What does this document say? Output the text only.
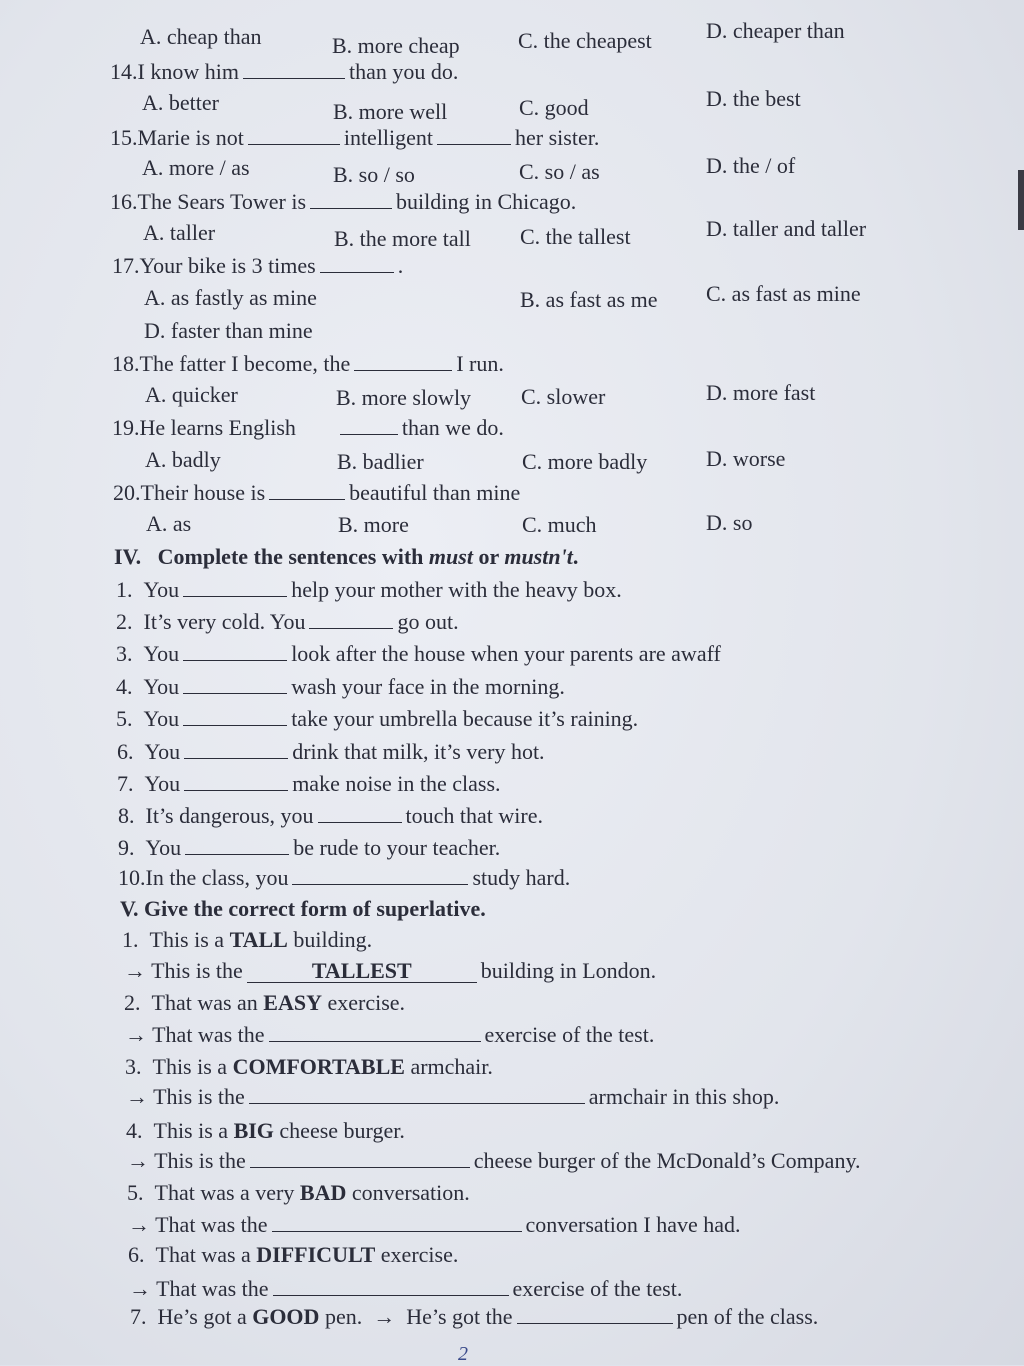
A. cheap than	B. more cheap	C. the cheapest D. cheaper than
14.I know him	than you do.
A. better	B. more well	C. good	D. the best
15.Marie is not	intelligent	her sister.
A. more / as	B. so / so	C. so / as	D. the / of
16.The Sears Tower is	building in Chicago.
A. taller	B. the more tall C. the tallest	D. taller and taller
17.Your bike is 3 times	.
A. as fastly as mine	B. as fast as me C. as fast as mine
D. faster than mine
18.The fatter I become, the	I run.
A. quicker	B. more slowly C. slower	D. more fast
19.He learns English	than we do.
A. badly	B. badlier	C. more badly	D. worse
20.Their house is	beautiful than mine
A. as	B. more	C. much	D. so
IV. Complete the sentences with must or mustn't.
1. You	help your mother with the heavy box.
2. It’s very cold. You	go out.
3. You	look after the house when your parents are awaff
4. You	wash your face in the morning.
5. You	take your umbrella because it’s raining.
6. You	drink that milk, it’s very hot.
7. You	make noise in the class.
8. It’s dangerous, you	touch that wire.
9. You	be rude to your teacher.
10.In the class, you	study hard.
V. Give the correct form of superlative.
1. This is a TALL building.
→ This is the	TALLEST	building in London.
2. That was an EASY exercise.
→ That was the	exercise of the test.
3. This is a COMFORTABLE armchair.
→ This is the	armchair in this shop.
4. This is a BIG cheese burger.
→ This is the	cheese burger of the McDonald’s Company.
5. That was a very BAD conversation.
→ That was the	conversation I have had.
6. That was a DIFFICULT exercise.
→ That was the	exercise of the test.
7. He’s got a GOOD pen. → He’s got the	pen of the class.
2
